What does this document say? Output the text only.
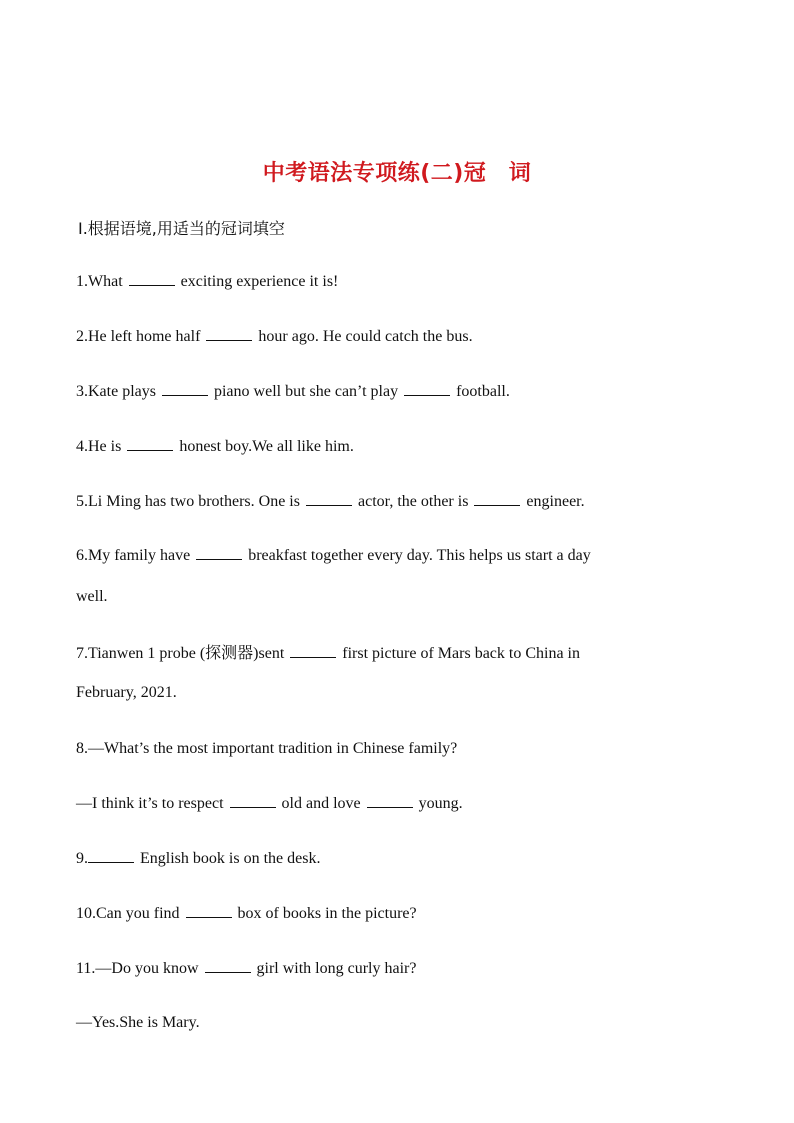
中考语法专项练(二)冠　词
Ⅰ.根据语境,用适当的冠词填空
1.What	exciting experience it is!
2.He left home half	hour ago. He could catch the bus.
3.Kate plays	piano well but she can’t play	football.
4.He is	honest boy.We all like him.
5.Li Ming has two brothers. One is	actor, the other is	engineer.
6.My family have	breakfast together every day. This helps us start a day
well.
7.Tianwen 1 probe (探测器)sent	first picture of Mars back to China in
February, 2021.
8.—What’s the most important tradition in Chinese family?
—I think it’s to respect	old and love	young.
9.	English book is on the desk.
10.Can you find	box of books in the picture?
11.—Do you know	girl with long curly hair?
—Yes.She is Mary.
